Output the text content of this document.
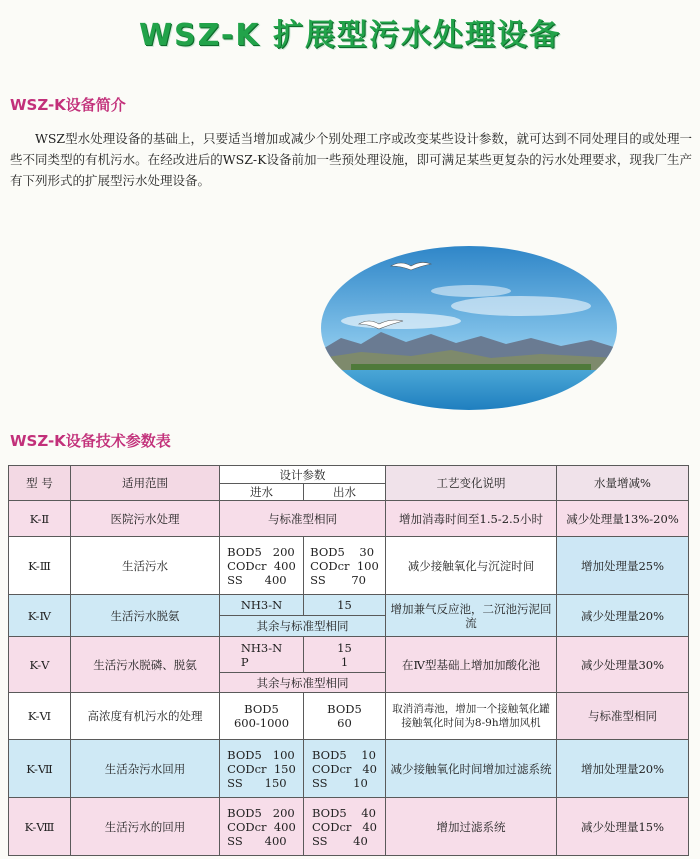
WSZ-K 扩展型污水处理设备
WSZ-K设备简介
WSZ型水处理设备的基础上，只要适当增加或减少个别处理工序或改变某些设计参数，就可达到不同处理目的或处理一些不同类型的有机污水。在经改进后的WSZ-K设备前加一些预处理设施，即可满足某些更复杂的污水处理要求，现我厂生产有下列形式的扩展型污水处理设备。
WSZ-K设备技术参数表
型 号	适用范围	设计参数		工艺变化说明	水量增减%
		进水	出水		
K-Ⅱ	医院污水处理	与标准型相同		增加消毒时间至1.5-2.5小时	减少处理量13%-20%
K-Ⅲ	生活污水	BOD5   200
CODcr  400
SS      400	BOD5    30
CODcr  100
SS       70	减少接触氧化与沉淀时间	增加处理量25%
K-Ⅳ	生活污水脱氨	NH3-N	15	增加兼气反应池，二沉池污泥回流	减少处理量20%
		其余与标准型相同			
K-Ⅴ	生活污水脱磷、脱氨	NH3-N
P	15
1	在Ⅳ型基础上增加加酸化池	减少处理量30%
		其余与标准型相同			
K-Ⅵ	高浓度有机污水的处理	BOD5
600-1000	BOD5
60	取消消毒池，增加一个接触氧化罐接触氧化时间为8-9h增加风机	与标准型相同
K-Ⅶ	生活杂污水回用	BOD5   100
CODcr  150
SS      150	BOD5    10
CODcr   40
SS       10	减少接触氧化时间增加过滤系统	增加处理量20%
K-Ⅷ	生活污水的回用	BOD5   200
CODcr  400
SS      400	BOD5    40
CODcr   40
SS       40	增加过滤系统	减少处理量15%
